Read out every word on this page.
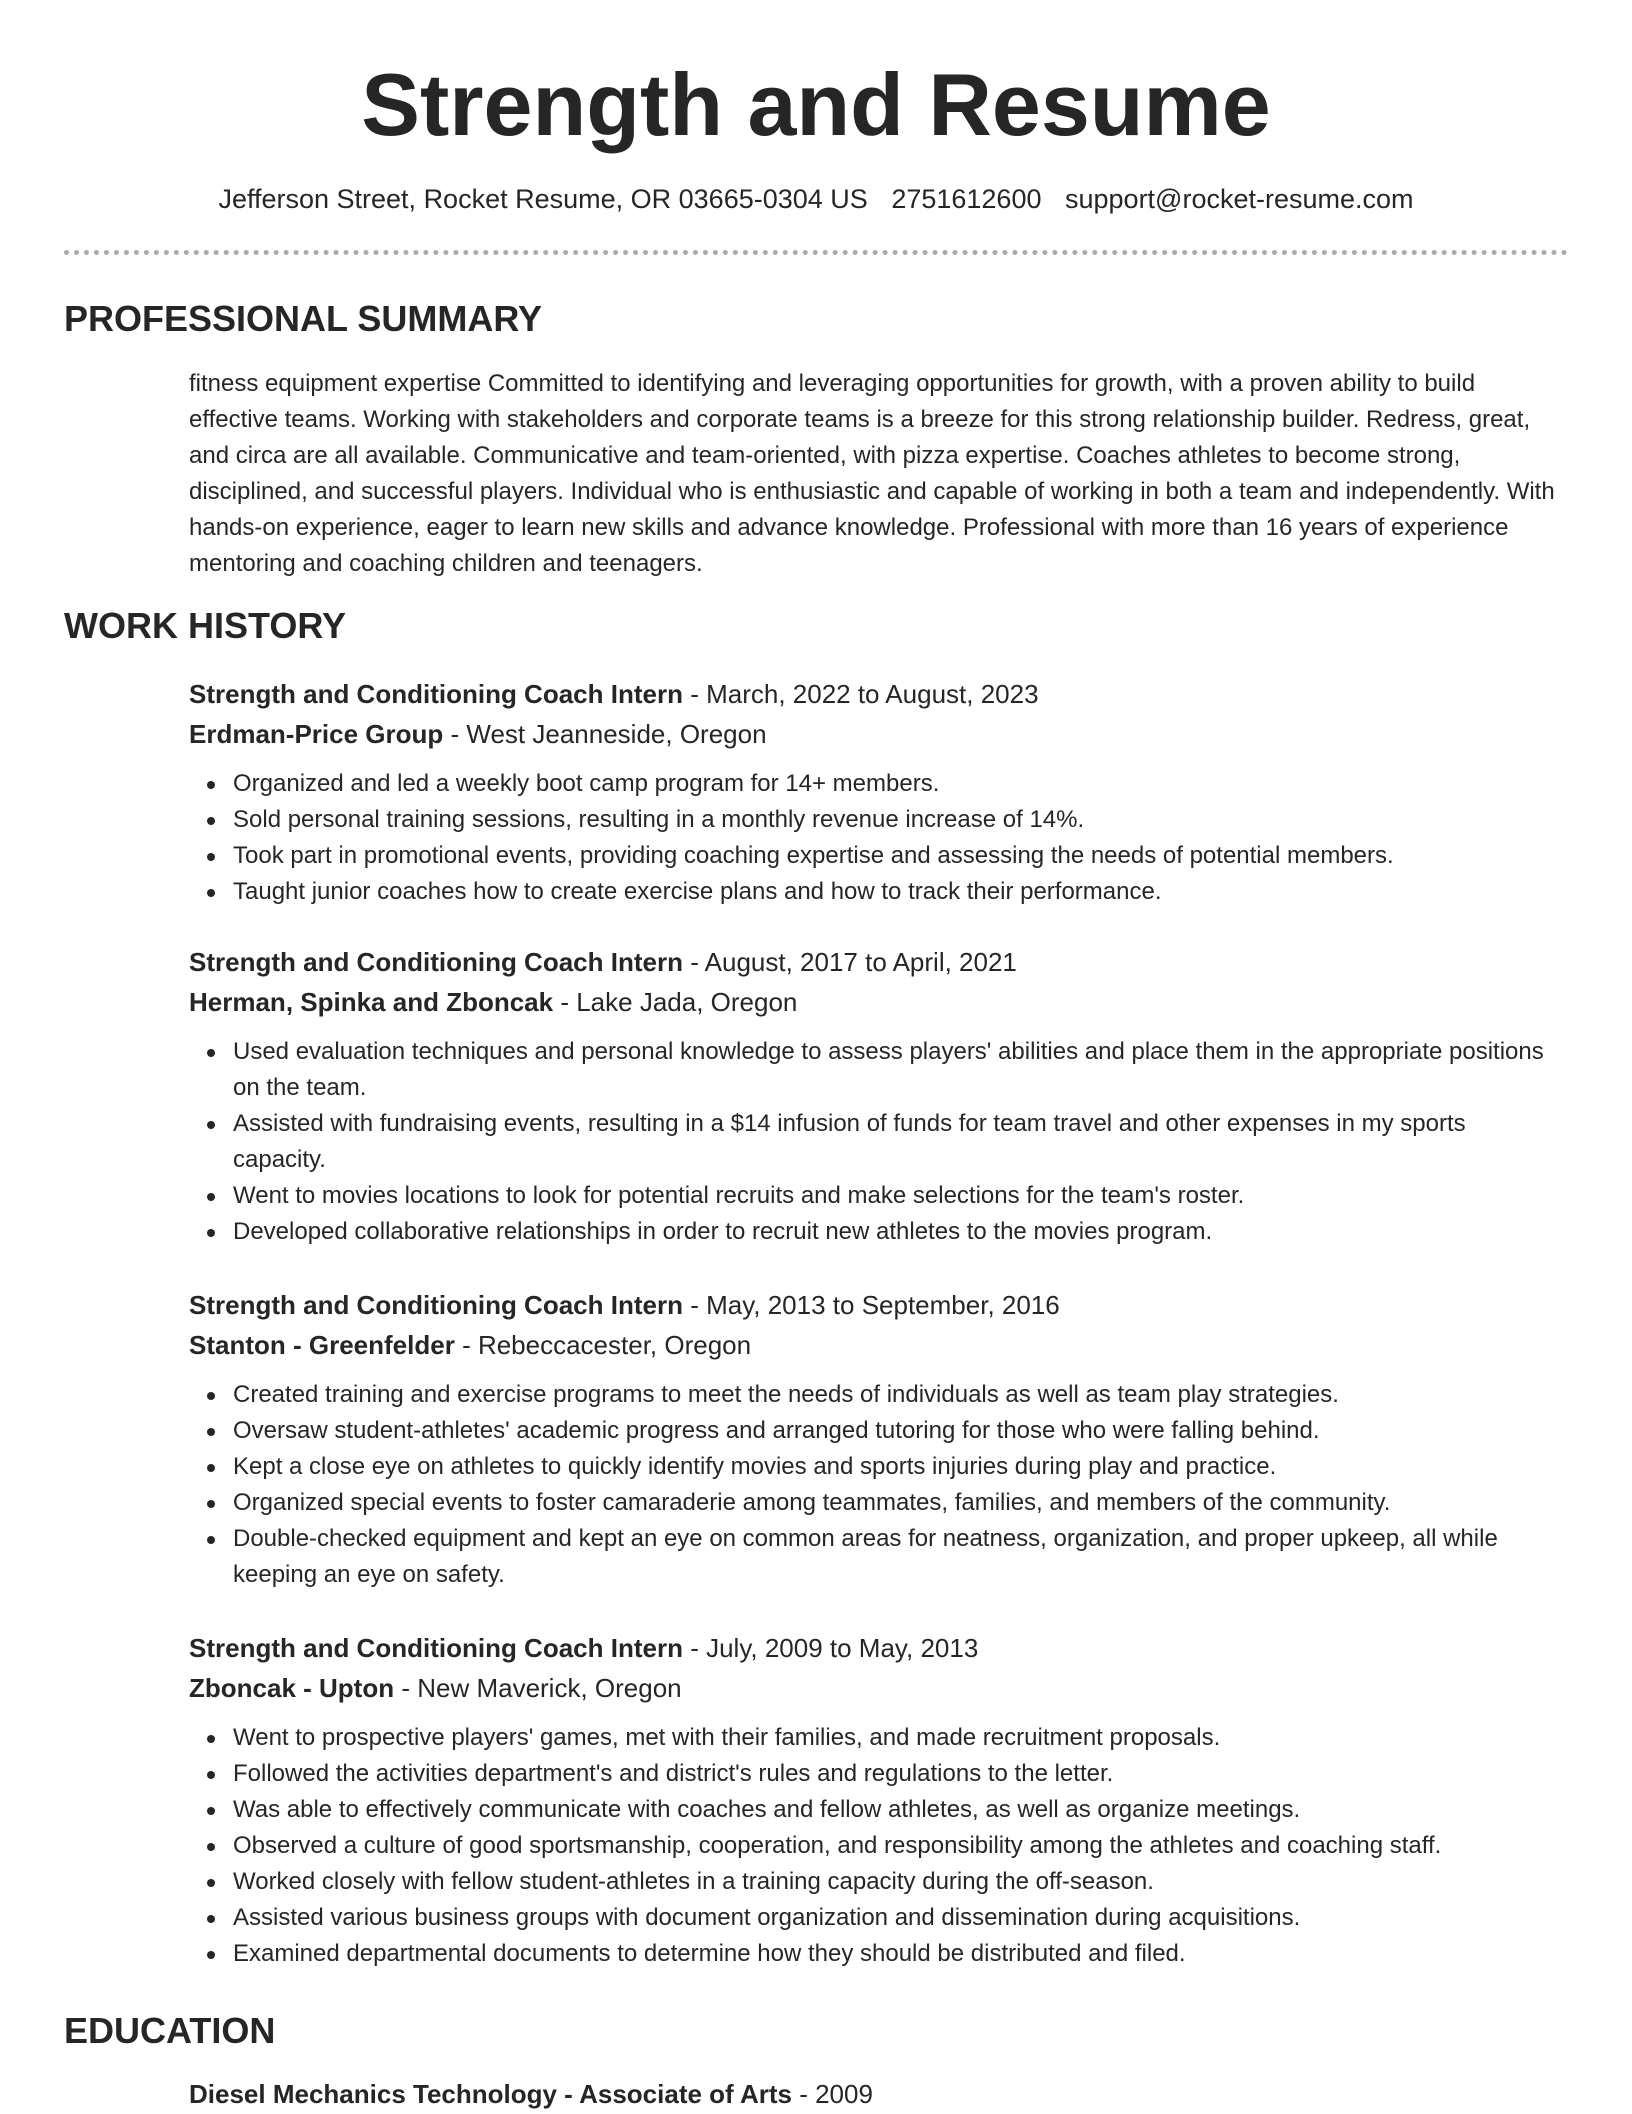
Strength and Resume
Jefferson Street, Rocket Resume, OR 03665-0304 US 2751612600 support@rocket-resume.com
PROFESSIONAL SUMMARY

fitness equipment expertise Committed to identifying and leveraging opportunities for growth, with a proven ability to build effective teams. Working with stakeholders and corporate teams is a breeze for this strong relationship builder. Redress, great, and circa are all available. Communicative and team-oriented, with pizza expertise. Coaches athletes to become strong, disciplined, and successful players. Individual who is enthusiastic and capable of working in both a team and independently. With hands-on experience, eager to learn new skills and advance knowledge. Professional with more than 16 years of experience mentoring and coaching children and teenagers.

WORK HISTORY
Strength and Conditioning Coach Intern - March, 2022 to August, 2023
Erdman-Price Group - West Jeanneside, Oregon
Organized and led a weekly boot camp program for 14+ members.
Sold personal training sessions, resulting in a monthly revenue increase of 14%.
Took part in promotional events, providing coaching expertise and assessing the needs of potential members.
Taught junior coaches how to create exercise plans and how to track their performance.
Strength and Conditioning Coach Intern - August, 2017 to April, 2021
Herman, Spinka and Zboncak - Lake Jada, Oregon
Used evaluation techniques and personal knowledge to assess players' abilities and place them in the appropriate positions on the team.
Assisted with fundraising events, resulting in a $14 infusion of funds for team travel and other expenses in my sports capacity.
Went to movies locations to look for potential recruits and make selections for the team's roster.
Developed collaborative relationships in order to recruit new athletes to the movies program.
Strength and Conditioning Coach Intern - May, 2013 to September, 2016
Stanton - Greenfelder - Rebeccacester, Oregon
Created training and exercise programs to meet the needs of individuals as well as team play strategies.
Oversaw student-athletes' academic progress and arranged tutoring for those who were falling behind.
Kept a close eye on athletes to quickly identify movies and sports injuries during play and practice.
Organized special events to foster camaraderie among teammates, families, and members of the community.
Double-checked equipment and kept an eye on common areas for neatness, organization, and proper upkeep, all while keeping an eye on safety.
Strength and Conditioning Coach Intern - July, 2009 to May, 2013
Zboncak - Upton - New Maverick, Oregon
Went to prospective players' games, met with their families, and made recruitment proposals.
Followed the activities department's and district's rules and regulations to the letter.
Was able to effectively communicate with coaches and fellow athletes, as well as organize meetings.
Observed a culture of good sportsmanship, cooperation, and responsibility among the athletes and coaching staff.
Worked closely with fellow student-athletes in a training capacity during the off-season.
Assisted various business groups with document organization and dissemination during acquisitions.
Examined departmental documents to determine how they should be distributed and filed.
EDUCATION
Diesel Mechanics Technology - Associate of Arts - 2009
